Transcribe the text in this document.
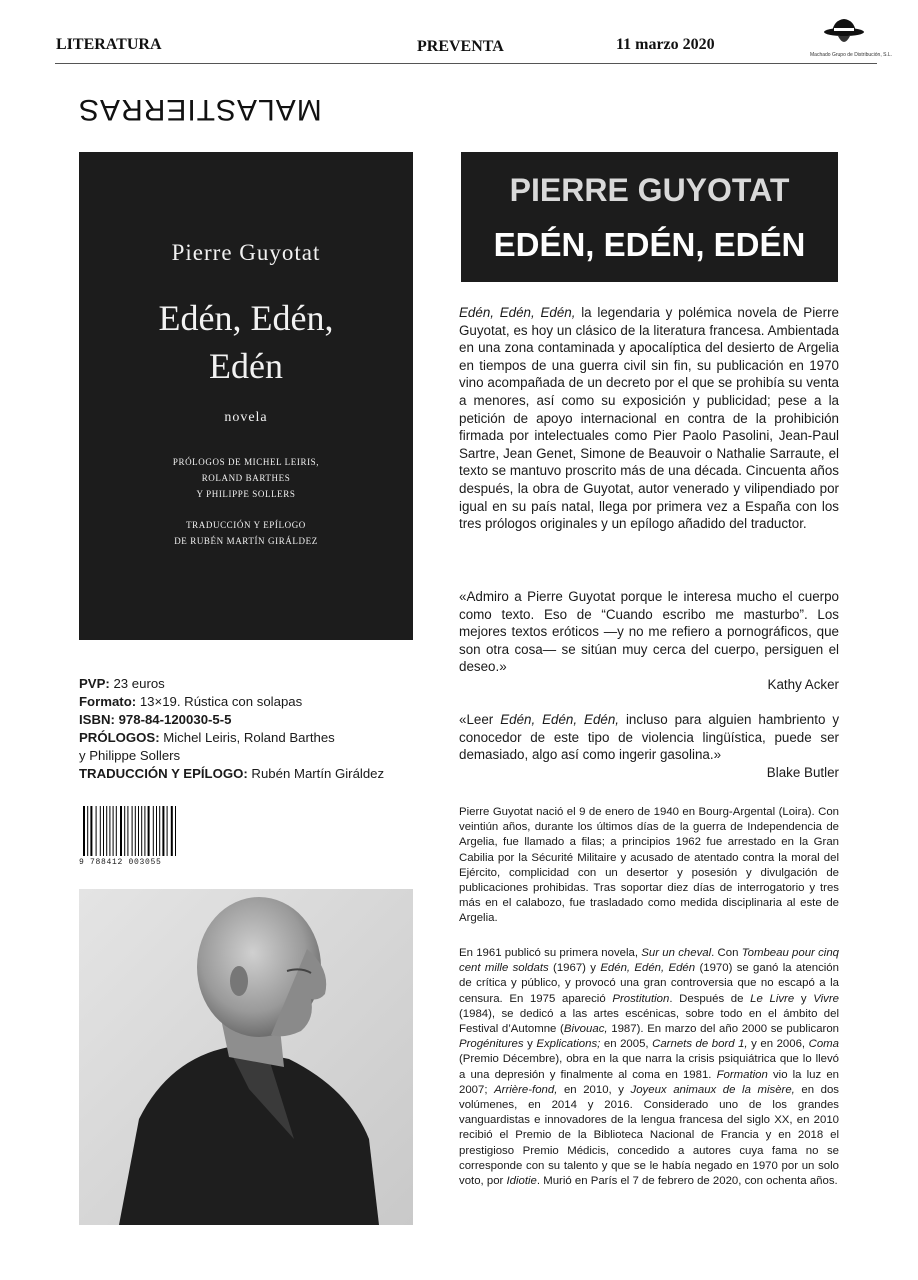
LITERATURA	PREVENTA	11 marzo 2020
Machado Grupo de Distribución, S.L.
MALASTIERRAS
Pierre Guyotat
Edén, Edén,
Edén
novela
PRÓLOGOS DE MICHEL LEIRIS,
ROLAND BARTHES
Y PHILIPPE SOLLERS
TRADUCCIÓN Y EPÍLOGO
DE RUBÉN MARTÍN GIRÁLDEZ
PIERRE GUYOTAT
EDÉN, EDÉN, EDÉN

Edén, Edén, Edén, la legendaria y polémica novela de Pierre Guyotat, es hoy un clásico de la literatura francesa. Ambientada en una zona contaminada y apocalíptica del desierto de Argelia en tiempos de una guerra civil sin fin, su publicación en 1970 vino acompañada de un decreto por el que se prohibía su venta a menores, así como su exposición y publicidad; pese a la petición de apoyo internacional en contra de la prohibición firmada por intelectuales como Pier Paolo Pasolini, Jean-Paul Sartre, Jean Genet, Simone de Beauvoir o Nathalie Sarraute, el texto se mantuvo proscrito más de una década. Cincuenta años después, la obra de Guyotat, autor venerado y vilipendiado por igual en su país natal, llega por primera vez a España con los tres prólogos originales y un epílogo añadido del traductor.

«Admiro a Pierre Guyotat porque le interesa mucho el cuerpo como texto. Eso de “Cuando escribo me masturbo”. Los mejores textos eróticos —y no me refiero a pornográficos, que son otra cosa— se sitúan muy cerca del cuerpo, persiguen el deseo.»

Kathy Acker

«Leer Edén, Edén, Edén, incluso para alguien hambriento y conocedor de este tipo de violencia lingüística, puede ser demasiado, algo así como ingerir gasolina.»

Blake Butler

PVP: 23 euros
Formato: 13×19. Rústica con solapas
ISBN: 978-84-120030-5-5
PRÓLOGOS: Michel Leiris, Roland Barthes
y Philippe Sollers
TRADUCCIÓN Y EPÍLOGO: Rubén Martín Giráldez
9 788412 003055

Pierre Guyotat nació el 9 de enero de 1940 en Bourg-Argental (Loira). Con veintiún años, durante los últimos días de la guerra de Independencia de Argelia, fue llamado a filas; a principios 1962 fue arrestado en la Gran Cabilia por la Sécurité Militaire y acusado de atentado contra la moral del Ejército, complicidad con un desertor y posesión y divulgación de publicaciones prohibidas. Tras soportar diez días de interrogatorio y tres más en el calabozo, fue trasladado como medida disciplinaria al este de Argelia.

En 1961 publicó su primera novela, Sur un cheval. Con Tombeau pour cinq cent mille soldats (1967) y Edén, Edén, Edén (1970) se ganó la atención de crítica y público, y provocó una gran controversia que no escapó a la censura. En 1975 apareció Prostitution. Después de Le Livre y Vivre (1984), se dedicó a las artes escénicas, sobre todo en el ámbito del Festival d’Automne (Bivouac, 1987). En marzo del año 2000 se publicaron Progénitures y Explications; en 2005, Carnets de bord 1, y en 2006, Coma (Premio Décembre), obra en la que narra la crisis psiquiátrica que lo llevó a una depresión y finalmente al coma en 1981. Formation vio la luz en 2007; Arrière-fond, en 2010, y Joyeux animaux de la misère, en dos volúmenes, en 2014 y 2016. Considerado uno de los grandes vanguardistas e innovadores de la lengua francesa del siglo XX, en 2010 recibió el Premio de la Biblioteca Nacional de Francia y en 2018 el prestigioso Premio Médicis, concedido a autores cuya fama no se corresponde con su talento y que se le había negado en 1970 por un solo voto, por Idiotie. Murió en París el 7 de febrero de 2020, con ochenta años.
